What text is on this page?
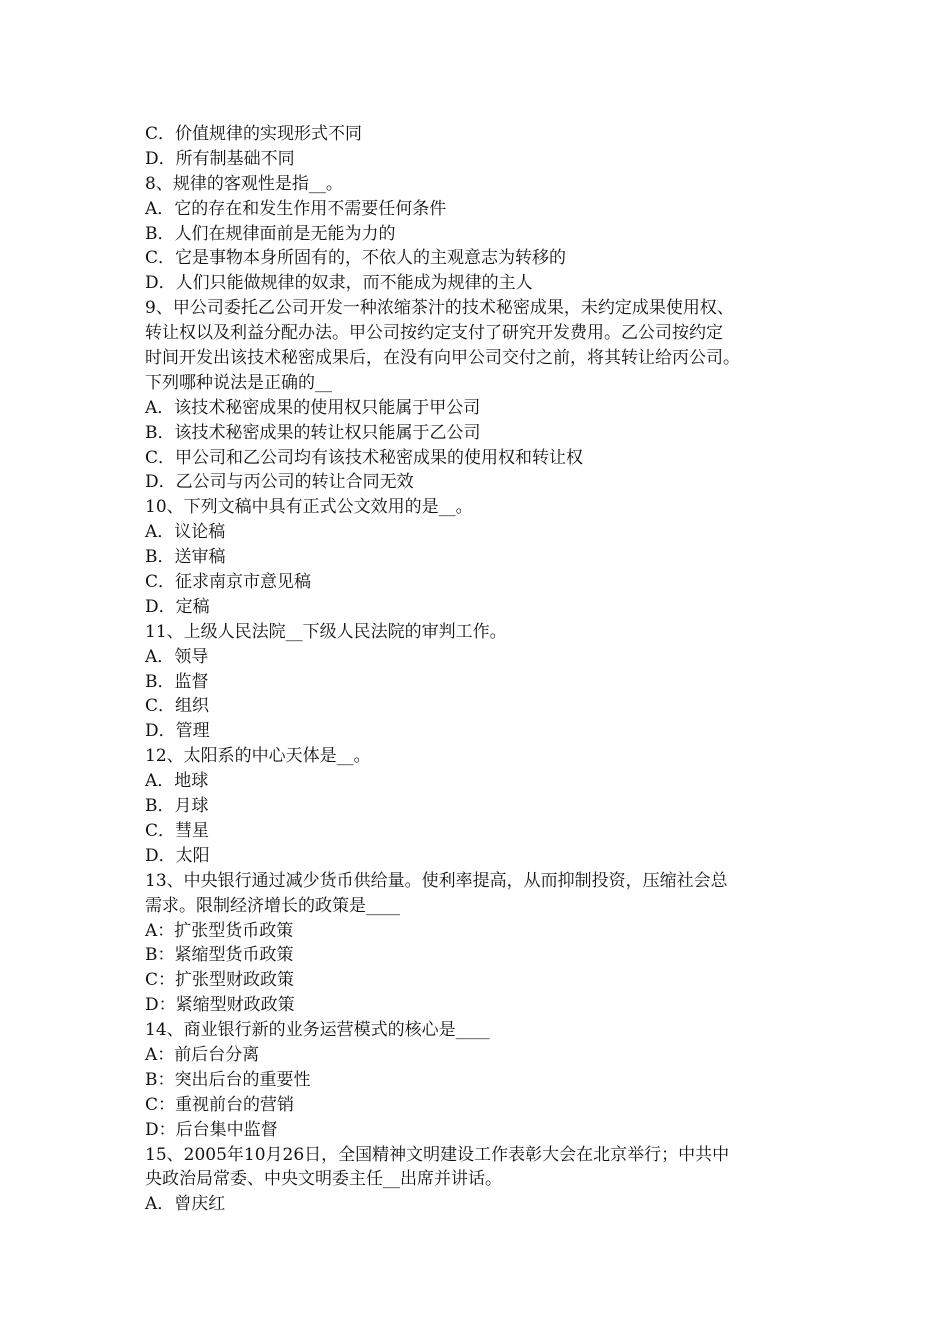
C．价值规律的实现形式不同
D．所有制基础不同
8、规律的客观性是指__。
A．它的存在和发生作用不需要任何条件
B．人们在规律面前是无能为力的
C．它是事物本身所固有的，不依人的主观意志为转移的
D．人们只能做规律的奴隶，而不能成为规律的主人
9、甲公司委托乙公司开发一种浓缩茶汁的技术秘密成果，未约定成果使用权、
转让权以及利益分配办法。甲公司按约定支付了研究开发费用。乙公司按约定
时间开发出该技术秘密成果后，在没有向甲公司交付之前，将其转让给丙公司。
下列哪种说法是正确的__
A．该技术秘密成果的使用权只能属于甲公司
B．该技术秘密成果的转让权只能属于乙公司
C．甲公司和乙公司均有该技术秘密成果的使用权和转让权
D．乙公司与丙公司的转让合同无效
10、下列文稿中具有正式公文效用的是__。
A．议论稿
B．送审稿
C．征求南京市意见稿
D．定稿
11、上级人民法院__下级人民法院的审判工作。
A．领导
B．监督
C．组织
D．管理
12、太阳系的中心天体是__。
A．地球
B．月球
C．彗星
D．太阳
13、中央银行通过减少货币供给量。使利率提高，从而抑制投资，压缩社会总
需求。限制经济增长的政策是____
A：扩张型货币政策
B：紧缩型货币政策
C：扩张型财政政策
D：紧缩型财政政策
14、商业银行新的业务运营模式的核心是____
A：前后台分离
B：突出后台的重要性
C：重视前台的营销
D：后台集中监督
15、2005年10月26日，全国精神文明建设工作表彰大会在北京举行；中共中
央政治局常委、中央文明委主任__出席并讲话。
A．曾庆红
